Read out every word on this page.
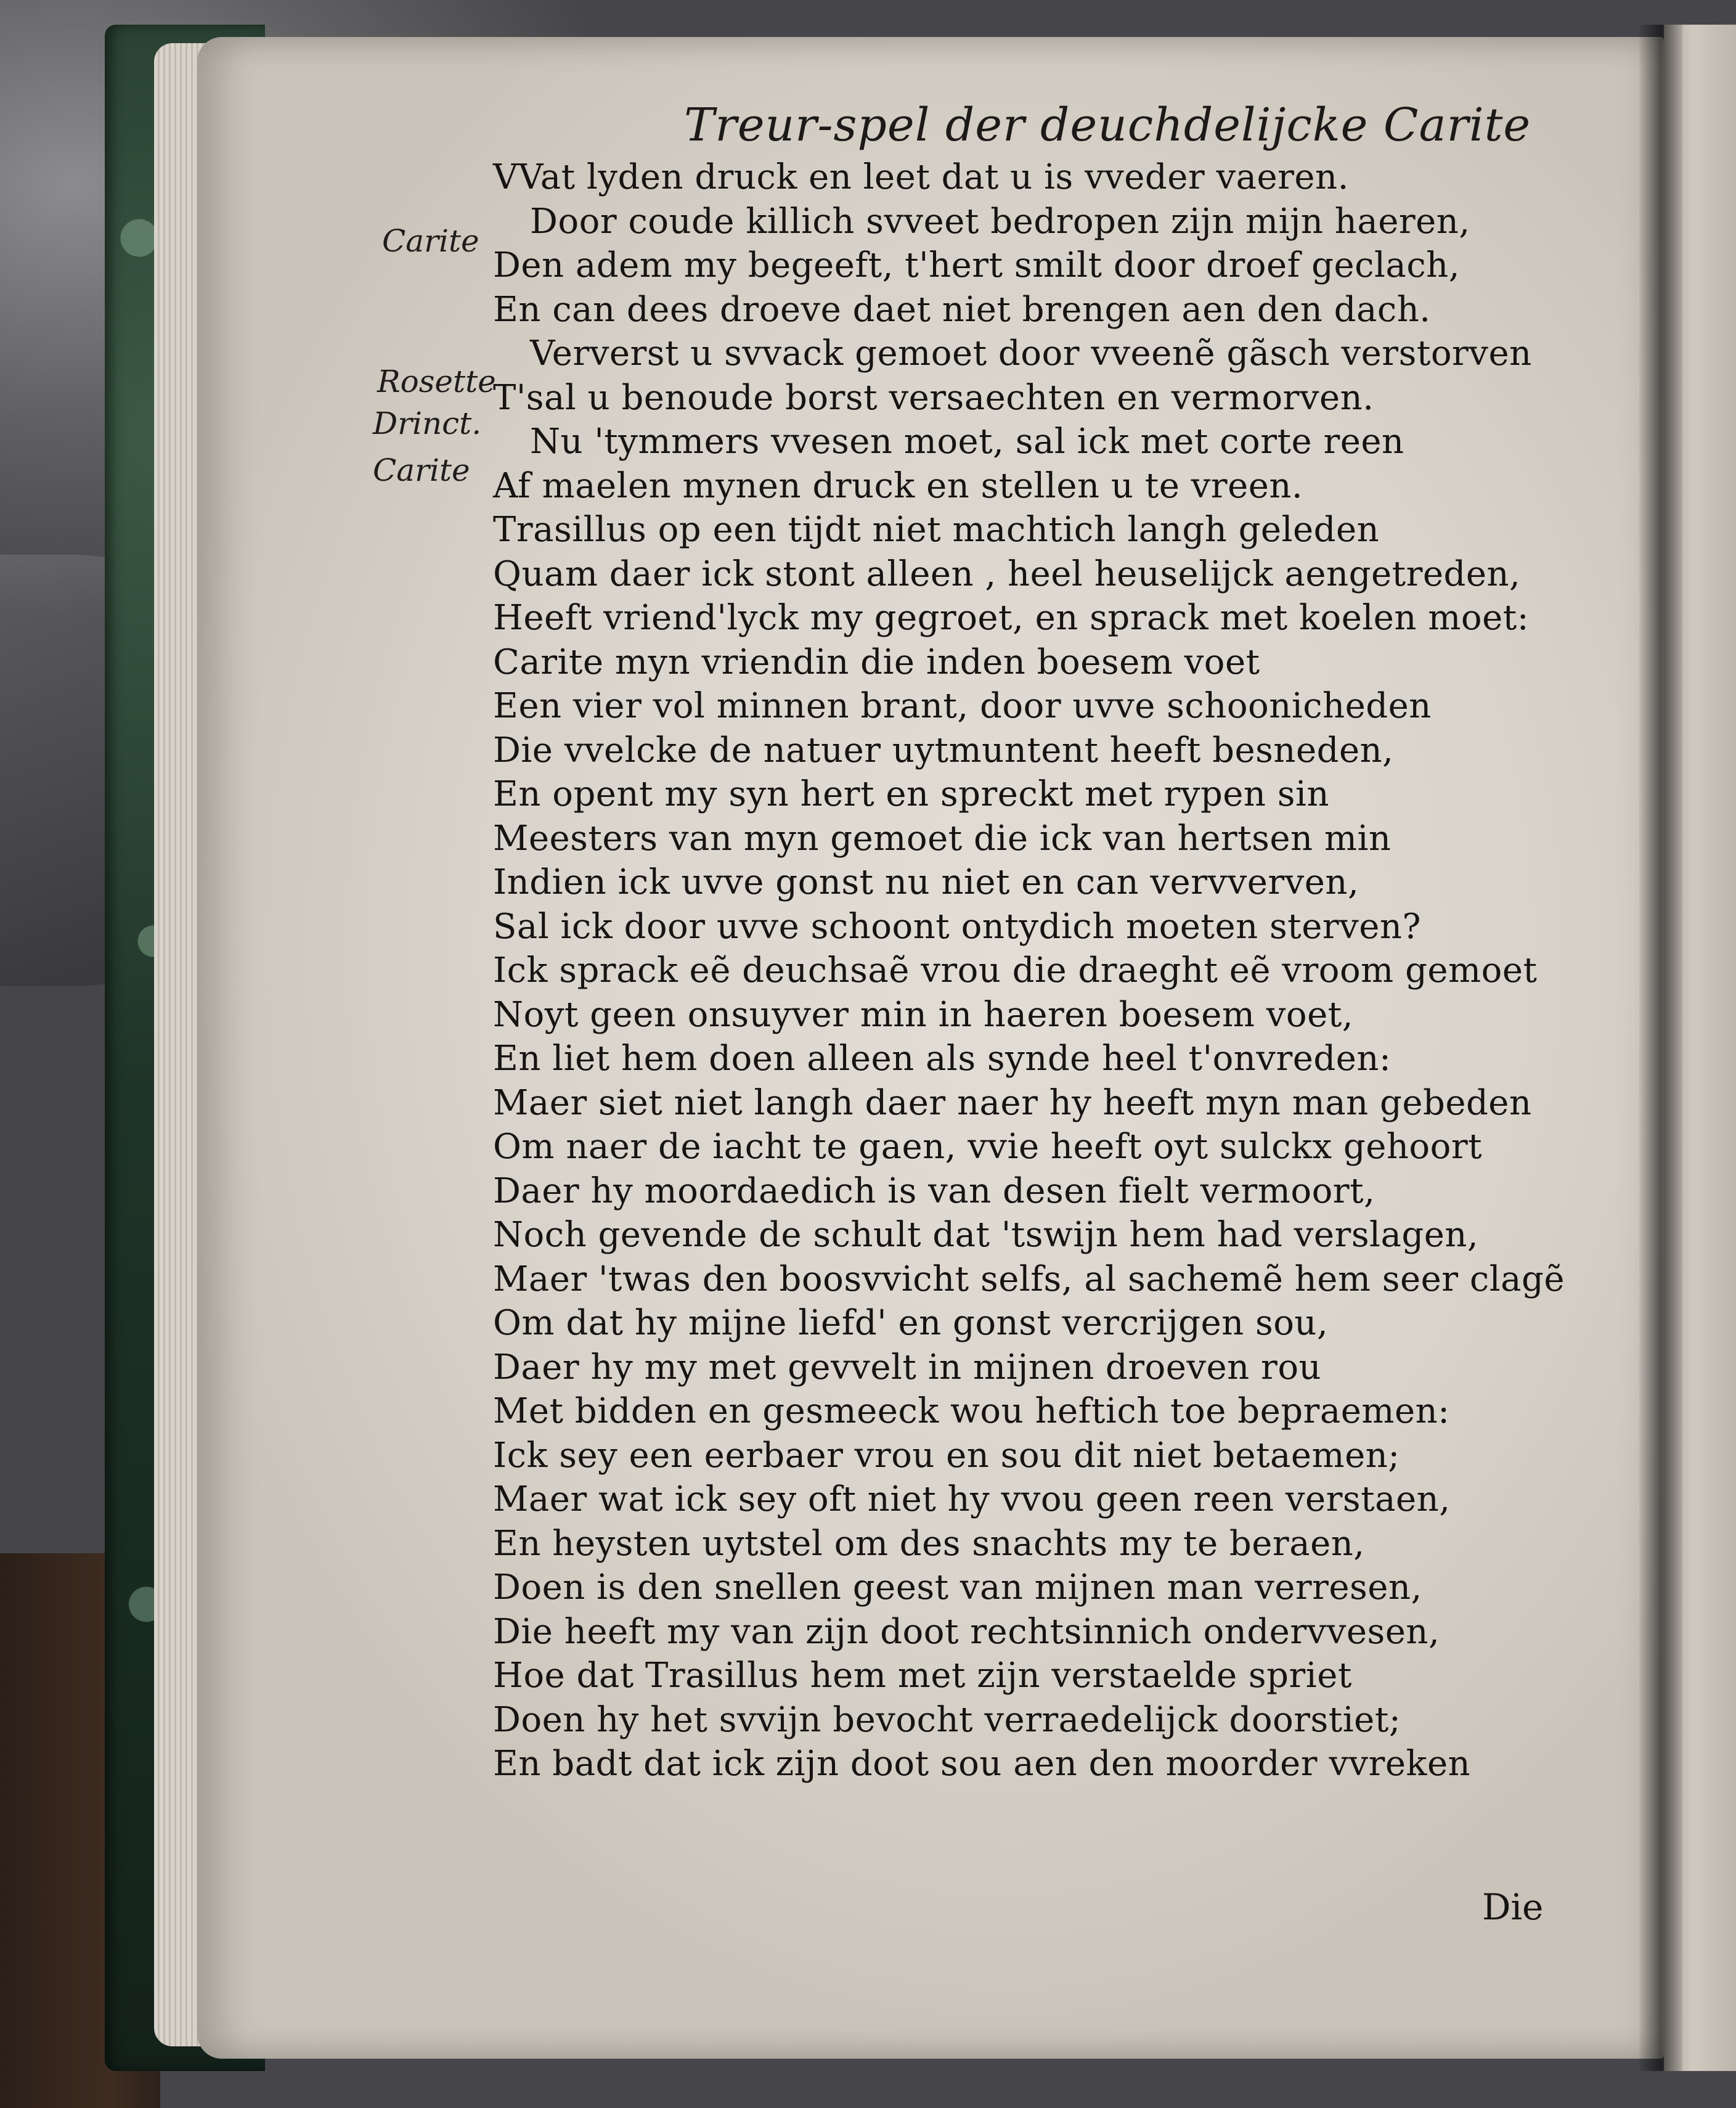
Treur-spel der deuchdelijcke Carite
Carite
Rosette
Drinct.
Carite
VVat lyden druck en leet dat u is vveder vaeren.
Door coude killich svveet bedropen zijn mijn haeren,
Den adem my begeeft, t'hert smilt door droef geclach,
En can dees droeve daet niet brengen aen den dach.
Ververst u svvack gemoet door vveenẽ gãsch verstorven
T'sal u benoude borst versaechten en vermorven.
Nu 'tymmers vvesen moet, sal ick met corte reen
Af maelen mynen druck en stellen u te vreen.
Trasillus op een tijdt niet machtich langh geleden
Quam daer ick stont alleen , heel heuselijck aengetreden,
Heeft vriend'lyck my gegroet, en sprack met koelen moet:
Carite myn vriendin die inden boesem voet
Een vier vol minnen brant, door uvve schoonicheden
Die vvelcke de natuer uytmuntent heeft besneden,
En opent my syn hert en spreckt met rypen sin
Meesters van myn gemoet die ick van hertsen min
Indien ick uvve gonst nu niet en can vervverven,
Sal ick door uvve schoont ontydich moeten sterven?
Ick sprack eẽ deuchsaẽ vrou die draeght eẽ vroom gemoet
Noyt geen onsuyver min in haeren boesem voet,
En liet hem doen alleen als synde heel t'onvreden:
Maer siet niet langh daer naer hy heeft myn man gebeden
Om naer de iacht te gaen, vvie heeft oyt sulckx gehoort
Daer hy moordaedich is van desen fielt vermoort,
Noch gevende de schult dat 'tswijn hem had verslagen,
Maer 'twas den boosvvicht selfs, al sachemẽ hem seer clagẽ
Om dat hy mijne liefd' en gonst vercrijgen sou,
Daer hy my met gevvelt in mijnen droeven rou
Met bidden en gesmeeck wou heftich toe bepraemen:
Ick sey een eerbaer vrou en sou dit niet betaemen;
Maer wat ick sey oft niet hy vvou geen reen verstaen,
En heysten uytstel om des snachts my te beraen,
Doen is den snellen geest van mijnen man verresen,
Die heeft my van zijn doot rechtsinnich ondervvesen,
Hoe dat Trasillus hem met zijn verstaelde spriet
Doen hy het svvijn bevocht verraedelijck doorstiet;
En badt dat ick zijn doot sou aen den moorder vvreken
Die
